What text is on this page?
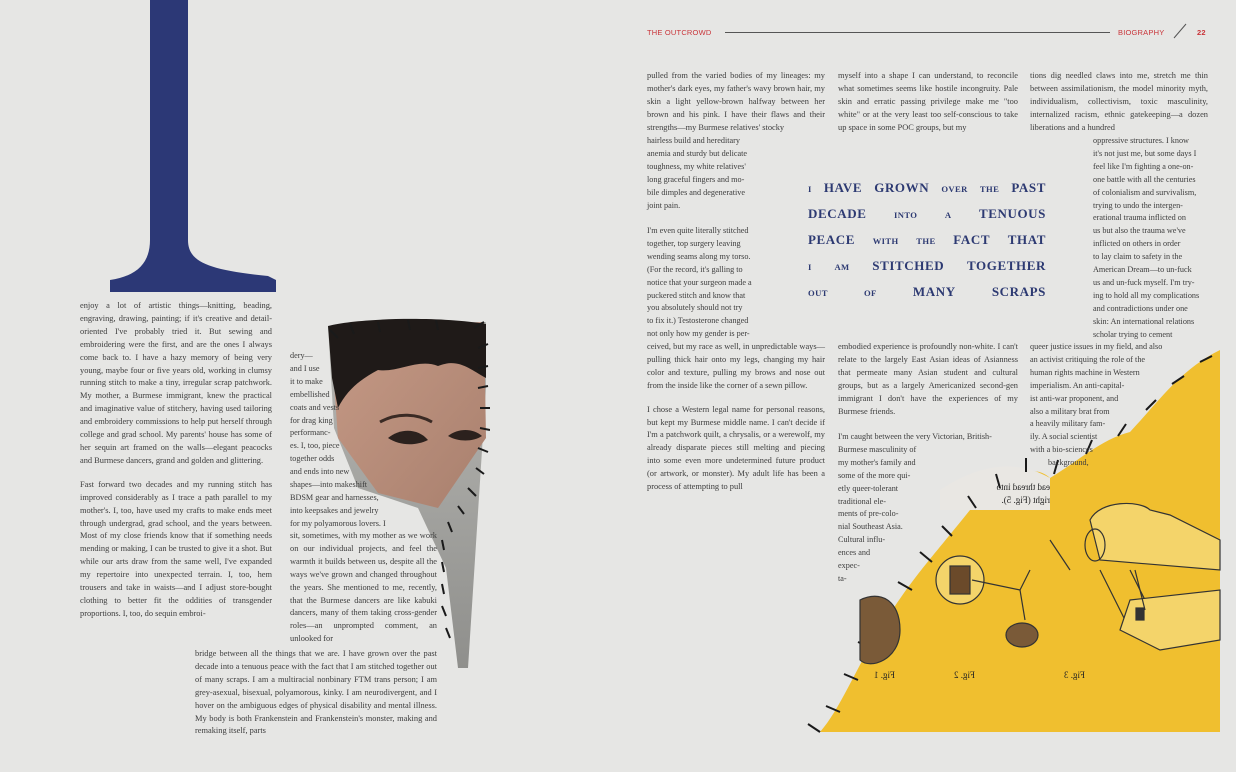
THE OUTCROWD	BIOGRAPHY	22

enjoy a lot of artistic things—knitting, beading, engraving, drawing, painting; if it's creative and detail-oriented I've probably tried it. But sewing and embroidering were the first, and are the ones I always come back to. I have a hazy memory of being very young, maybe four or five years old, working in clumsy running stitch to make a tiny, irregular scrap patchwork. My mother, a Burmese immigrant, knew the practical and imaginative value of stitchery, having used tailoring and embroidery commissions to help put herself through college and grad school. My parents' house has some of her sequin art framed on the walls—elegant peacocks and Burmese dancers, grand and golden and glittering.

Fast forward two decades and my running stitch has improved considerably as I trace a path parallel to my mother's. I, too, have used my crafts to make ends meet through undergrad, grad school, and the years between. Most of my close friends know that if something needs mending or making, I can be trusted to give it a shot. But while our arts draw from the same well, I've expanded my repertoire into unexpected terrain. I, too, hem trousers and take in waists—and I adjust store-bought clothing to better fit the oddities of transgender proportions. I, too, do sequin embroi-

dery—
and I use
it to make
embellished
coats and vests
for drag king
performanc-
es. I, too, piece
together odds
and ends into new
shapes—into makeshift
BDSM gear and harnesses,
into keepsakes and jewelry
for my polyamorous lovers. I
sit, sometimes, with my mother as we work on our individual projects, and feel the warmth it builds between us, despite all the ways we've grown and changed throughout the years. She mentioned to me, recently, that the Burmese dancers are like kabuki dancers, many of them taking cross-gender roles—an unprompted comment, an unlooked for
bridge between all the things that we are. I have grown over the past decade into a tenuous peace with the fact that I am stitched together out of many scraps. I am a multiracial nonbinary FTM trans person; I am grey-asexual, bisexual, polyamorous, kinky. I am neurodivergent, and I hover on the ambiguous edges of physical disability and mental illness. My body is both Frankenstein and Frankenstein's monster, making and remaking itself, parts
pulled from the varied bodies of my lineages: my mother's dark eyes, my father's wavy brown hair, my skin a light yellow-brown halfway between her brown and his pink. I have their flaws and their strengths—my Burmese relatives' stocky
hairless build and hereditary
anemia and sturdy but delicate
toughness, my white relatives'
long graceful fingers and mo-
bile dimples and degenerative
joint pain.
I'm even quite literally stitched
together, top surgery leaving
wending seams along my torso.
(For the record, it's galling to
notice that your surgeon made a
puckered stitch and know that
you absolutely should not try
to fix it.) Testosterone changed
not only how my gender is per-

ceived, but my race as well, in unpredictable ways—pulling thick hair onto my legs, changing my hair color and texture, pulling my brows and nose out from the inside like the corner of a sewn pillow.

I chose a Western legal name for personal reasons, but kept my Burmese middle name. I can't decide if I'm a patchwork quilt, a chrysalis, or a werewolf, my already disparate pieces still melting and piecing into some even more undetermined future product (or artwork, or monster). My adult life has been a process of attempting to pull

myself into a shape I can understand, to reconcile what sometimes seems like hostile incongruity. Pale skin and erratic passing privilege make me "too white" or at the very least too self-conscious to take up space in some POC groups, but my
I HAVE GROWN OVER THE PAST
DECADE	INTO	A TENUOUS
PEACE WITH THE FACT THAT
I	AM STITCHED TOGETHER
OUT	OF	MANY	SCRAPS

embodied experience is profoundly non-white. I can't relate to the largely East Asian ideas of Asianness that permeate many Asian student and cultural groups, but as a largely Americanized second-gen immigrant I don't have the experiences of my Burmese friends.

I'm caught between the very Victorian, British-Burmese masculinity of
my mother's family and
some of the more qui-
etly queer-tolerant
traditional ele-
ments of pre-colo-
nial Southeast Asia.
Cultural influ-
ences and
expec-
ta-
tions dig needled claws into me, stretch me thin between assimilationism, the model minority myth, individualism, collectivism, toxic masculinity, internalized racism, ethnic gatekeeping—a dozen liberations and a hundred
oppressive structures. I know
it's not just me, but some days I
feel like I'm fighting a one-on-
one battle with all the centuries
of colonialism and survivalism,
trying to undo the intergen-
erational trauma inflicted on
us but also the trauma we've
inflicted on others in order
to lay claim to safety in the
American Dream—to un-fuck
us and un-fuck myself. I'm try-
ing to hold all my complications
and contradictions under one
skin: An international relations
scholar trying to cement
ead thread into
right (Fig. 5).
Fig. 1	Fig. 2	Fig. 3
queer justice issues in my field, and also
an activist critiquing the role of the
human rights machine in Western
imperialism. An anti-capital-
ist anti-war proponent, and
also a military brat from
a heavily military fam-
ily. A social scientist
with a bio-sciences
background,
